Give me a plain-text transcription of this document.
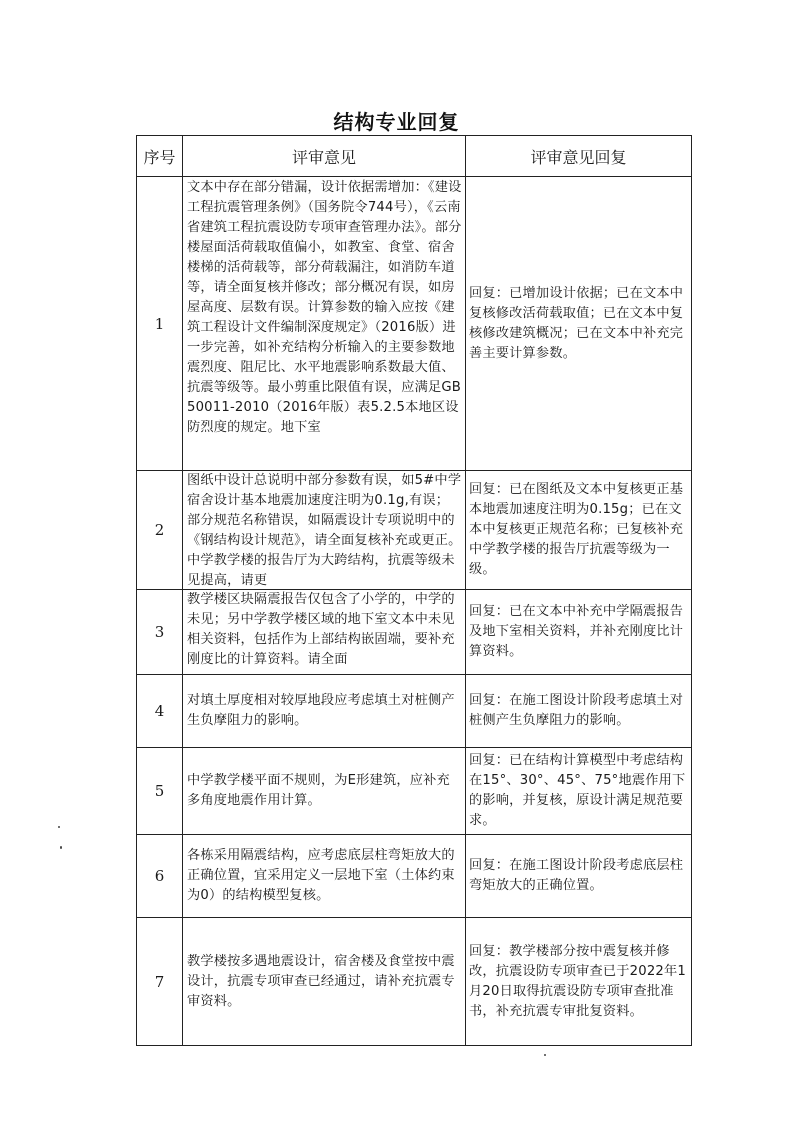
结构专业回复
序号	评审意见	评审意见回复
1	文本中存在部分错漏，设计依据需增加：《建设工程抗震管理条例》（国务院令744号），《云南省建筑工程抗震设防专项审查管理办法》。部分楼屋面活荷载取值偏小，如教室、食堂、宿舍楼梯的活荷载等，部分荷载漏注，如消防车道等，请全面复核并修改；部分概况有误，如房屋高度、层数有误。计算参数的输入应按《建筑工程设计文件编制深度规定》（2016版）进一步完善，如补充结构分析输入的主要参数地震烈度、阻尼比、水平地震影响系数最大值、抗震等级等。最小剪重比限值有误，应满足GB 50011-2010（2016年版）表5.2.5本地区设防烈度的规定。地下室	回复：已增加设计依据；已在文本中复核修改活荷载取值；已在文本中复核修改建筑概况；已在文本中补充完善主要计算参数。

2	图纸中设计总说明中部分参数有误，如5#中学宿舍设计基本地震加速度注明为0.1g,有误；部分规范名称错误，如隔震设计专项说明中的《钢结构设计规范》，请全面复核补充或更正。中学教学楼的报告厅为大跨结构，抗震等级未见提高，请更	回复：已在图纸及文本中复核更正基本地震加速度注明为0.15g；已在文本中复核更正规范名称；已复核补充中学教学楼的报告厅抗震等级为一级。

3	教学楼区块隔震报告仅包含了小学的，中学的未见；另中学教学楼区域的地下室文本中未见相关资料，包括作为上部结构嵌固端，要补充刚度比的计算资料。请全面	回复：已在文本中补充中学隔震报告及地下室相关资料，并补充刚度比计算资料。

4	对填土厚度相对较厚地段应考虑填土对桩侧产生负摩阻力的影响。	回复：在施工图设计阶段考虑填土对桩侧产生负摩阻力的影响。

5	中学教学楼平面不规则，为E形建筑，应补充多角度地震作用计算。	回复：已在结构计算模型中考虑结构在15°、30°、45°、75°地震作用下的影响，并复核，原设计满足规范要求。

6	各栋采用隔震结构，应考虑底层柱弯矩放大的正确位置，宜采用定义一层地下室（土体约束为0）的结构模型复核。	回复：在施工图设计阶段考虑底层柱弯矩放大的正确位置。

7	教学楼按多遇地震设计，宿舍楼及食堂按中震设计，抗震专项审查已经通过，请补充抗震专审资料。	回复：教学楼部分按中震复核并修改，抗震设防专项审查已于2022年1月20日取得抗震设防专项审查批准书，补充抗震专审批复资料。
